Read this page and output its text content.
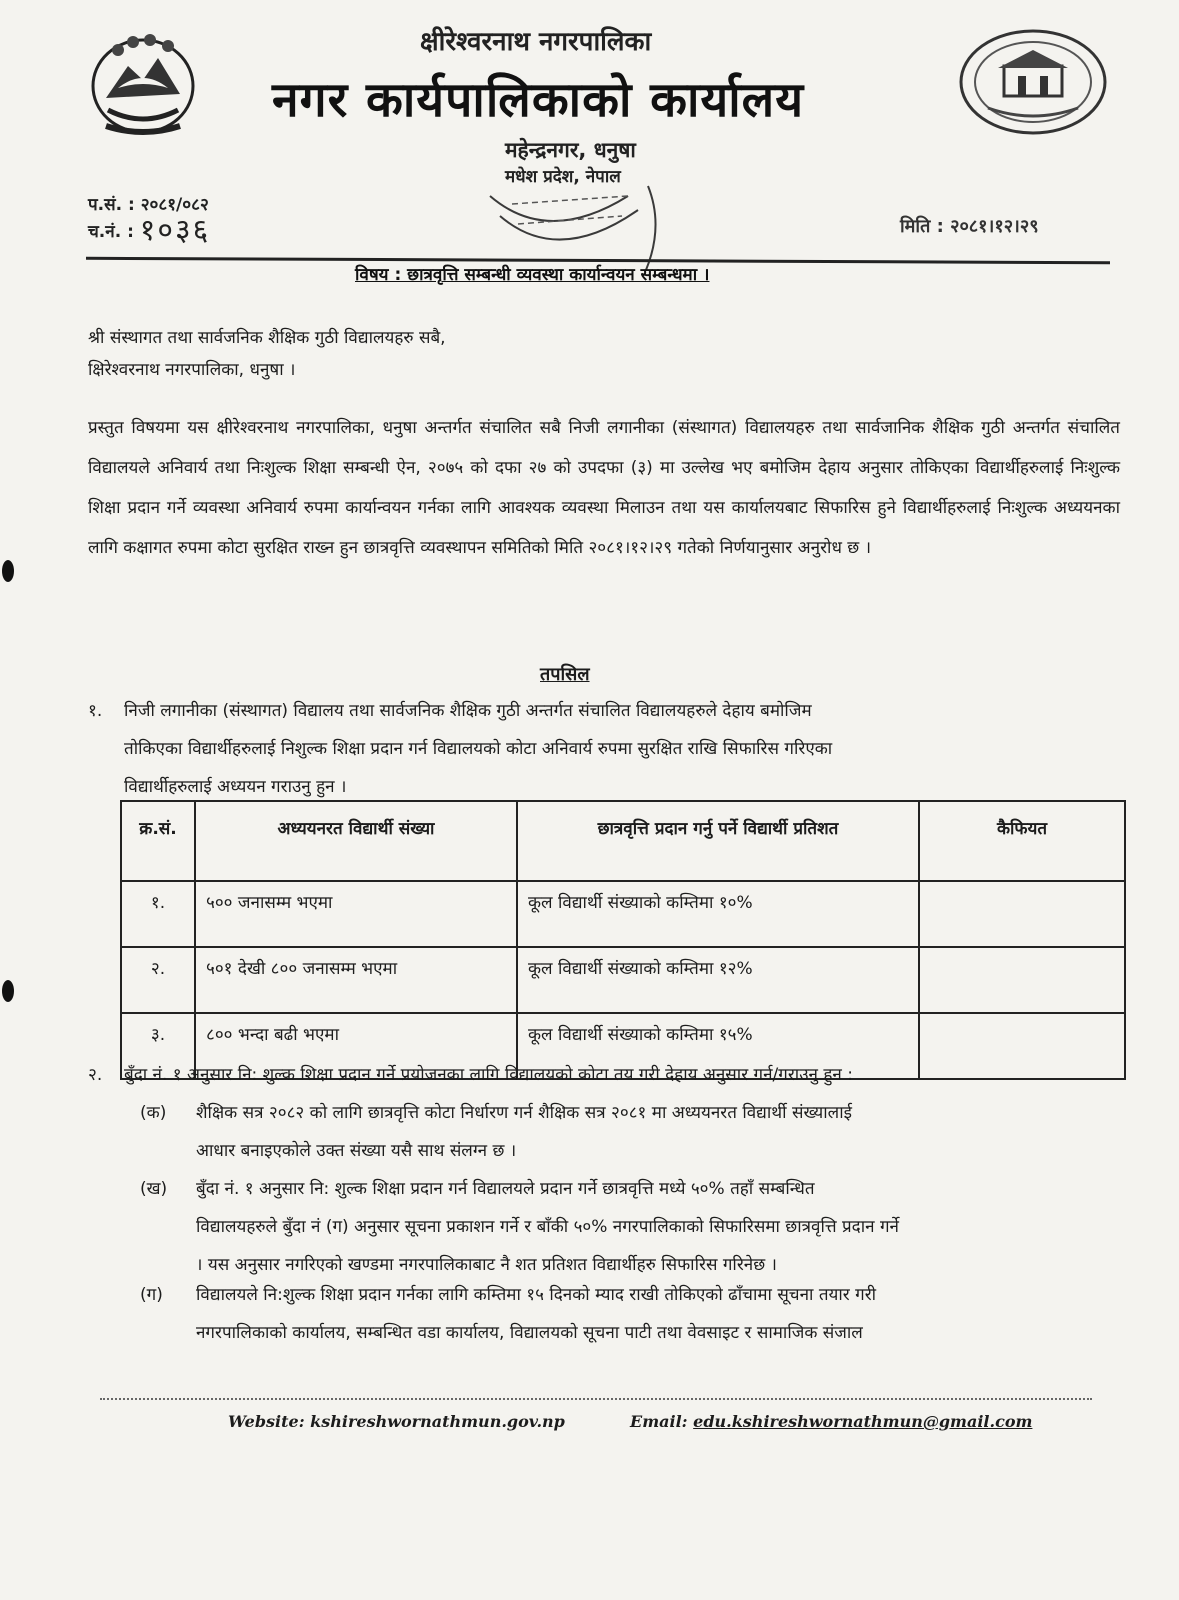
क्षीरेश्वरनाथ नगरपालिका
नगर कार्यपालिकाको कार्यालय
महेन्द्रनगर, धनुषा
मधेश प्रदेश, नेपाल
प.सं. : २०८१/०८२
च.नं. : १०३६	मिति : २०८१।१२।२९
विषय : छात्रवृत्ति सम्बन्धी व्यवस्था कार्यान्वयन सम्बन्धमा ।
श्री संस्थागत तथा सार्वजनिक शैक्षिक गुठी विद्यालयहरु सबै,
क्षिरेश्वरनाथ नगरपालिका, धनुषा ।
प्रस्तुत विषयमा यस क्षीरेश्वरनाथ नगरपालिका, धनुषा अन्तर्गत संचालित सबै निजी लगानीका (संस्थागत) विद्यालयहरु तथा सार्वजानिक शैक्षिक गुठी अन्तर्गत संचालित विद्यालयले अनिवार्य तथा निःशुल्क शिक्षा सम्बन्धी ऐन, २०७५ को दफा २७ को उपदफा (३) मा उल्लेख भए बमोजिम देहाय अनुसार तोकिएका विद्यार्थीहरुलाई निःशुल्क शिक्षा प्रदान गर्ने व्यवस्था अनिवार्य रुपमा कार्यान्वयन गर्नका लागि आवश्यक व्यवस्था मिलाउन तथा यस कार्यालयबाट सिफारिस हुने विद्यार्थीहरुलाई निःशुल्क अध्ययनका लागि कक्षागत रुपमा कोटा सुरक्षित राख्न हुन छात्रवृत्ति व्यवस्थापन समितिको मिति २०८१।१२।२९ गतेको निर्णयानुसार अनुरोध छ ।
तपसिल
१. निजी लगानीका (संस्थागत) विद्यालय तथा सार्वजनिक शैक्षिक गुठी अन्तर्गत संचालित विद्यालयहरुले देहाय बमोजिम
तोकिएका विद्यार्थीहरुलाई निशुल्क शिक्षा प्रदान गर्न विद्यालयको कोटा अनिवार्य रुपमा सुरक्षित राखि सिफारिस गरिएका
विद्यार्थीहरुलाई अध्ययन गराउनु हुन ।
क्र.सं.	अध्ययनरत विद्यार्थी संख्या	छात्रवृत्ति प्रदान गर्नु पर्ने विद्यार्थी प्रतिशत	कैफियत
१.	५०० जनासम्म भएमा	कूल विद्यार्थी संख्याको कम्तिमा १०%	
२.	५०१ देखी ८०० जनासम्म भएमा	कूल विद्यार्थी संख्याको कम्तिमा १२%	
३.	८०० भन्दा बढी भएमा	कूल विद्यार्थी संख्याको कम्तिमा १५%	
२. बुँदा नं. १ अनुसार नि: शुल्क शिक्षा प्रदान गर्ने प्रयोजनका लागि विद्यालयको कोटा तय गरी देहाय अनुसार गर्न/गराउनु हुन :
(क) शैक्षिक सत्र २०८२ को लागि छात्रवृत्ति कोटा निर्धारण गर्न शैक्षिक सत्र २०८१ मा अध्ययनरत विद्यार्थी संख्यालाई
आधार बनाइएकोले उक्त संख्या यसै साथ संलग्न छ ।
(ख) बुँदा नं. १ अनुसार नि: शुल्क शिक्षा प्रदान गर्न विद्यालयले प्रदान गर्ने छात्रवृत्ति मध्ये ५०% तहाँ सम्बन्धित
विद्यालयहरुले बुँदा नं (ग) अनुसार सूचना प्रकाशन गर्ने र बाँकी ५०% नगरपालिकाको सिफारिसमा छात्रवृत्ति प्रदान गर्ने
। यस अनुसार नगरिएको खण्डमा नगरपालिकाबाट नै शत प्रतिशत विद्यार्थीहरु सिफारिस गरिनेछ ।
(ग) विद्यालयले नि:शुल्क शिक्षा प्रदान गर्नका लागि कम्तिमा १५ दिनको म्याद राखी तोकिएको ढाँचामा सूचना तयार गरी
नगरपालिकाको कार्यालय, सम्बन्धित वडा कार्यालय, विद्यालयको सूचना पाटी तथा वेवसाइट र सामाजिक संजाल
Website: kshireshwornathmun.gov.np	Email: edu.kshireshwornathmun@gmail.com
